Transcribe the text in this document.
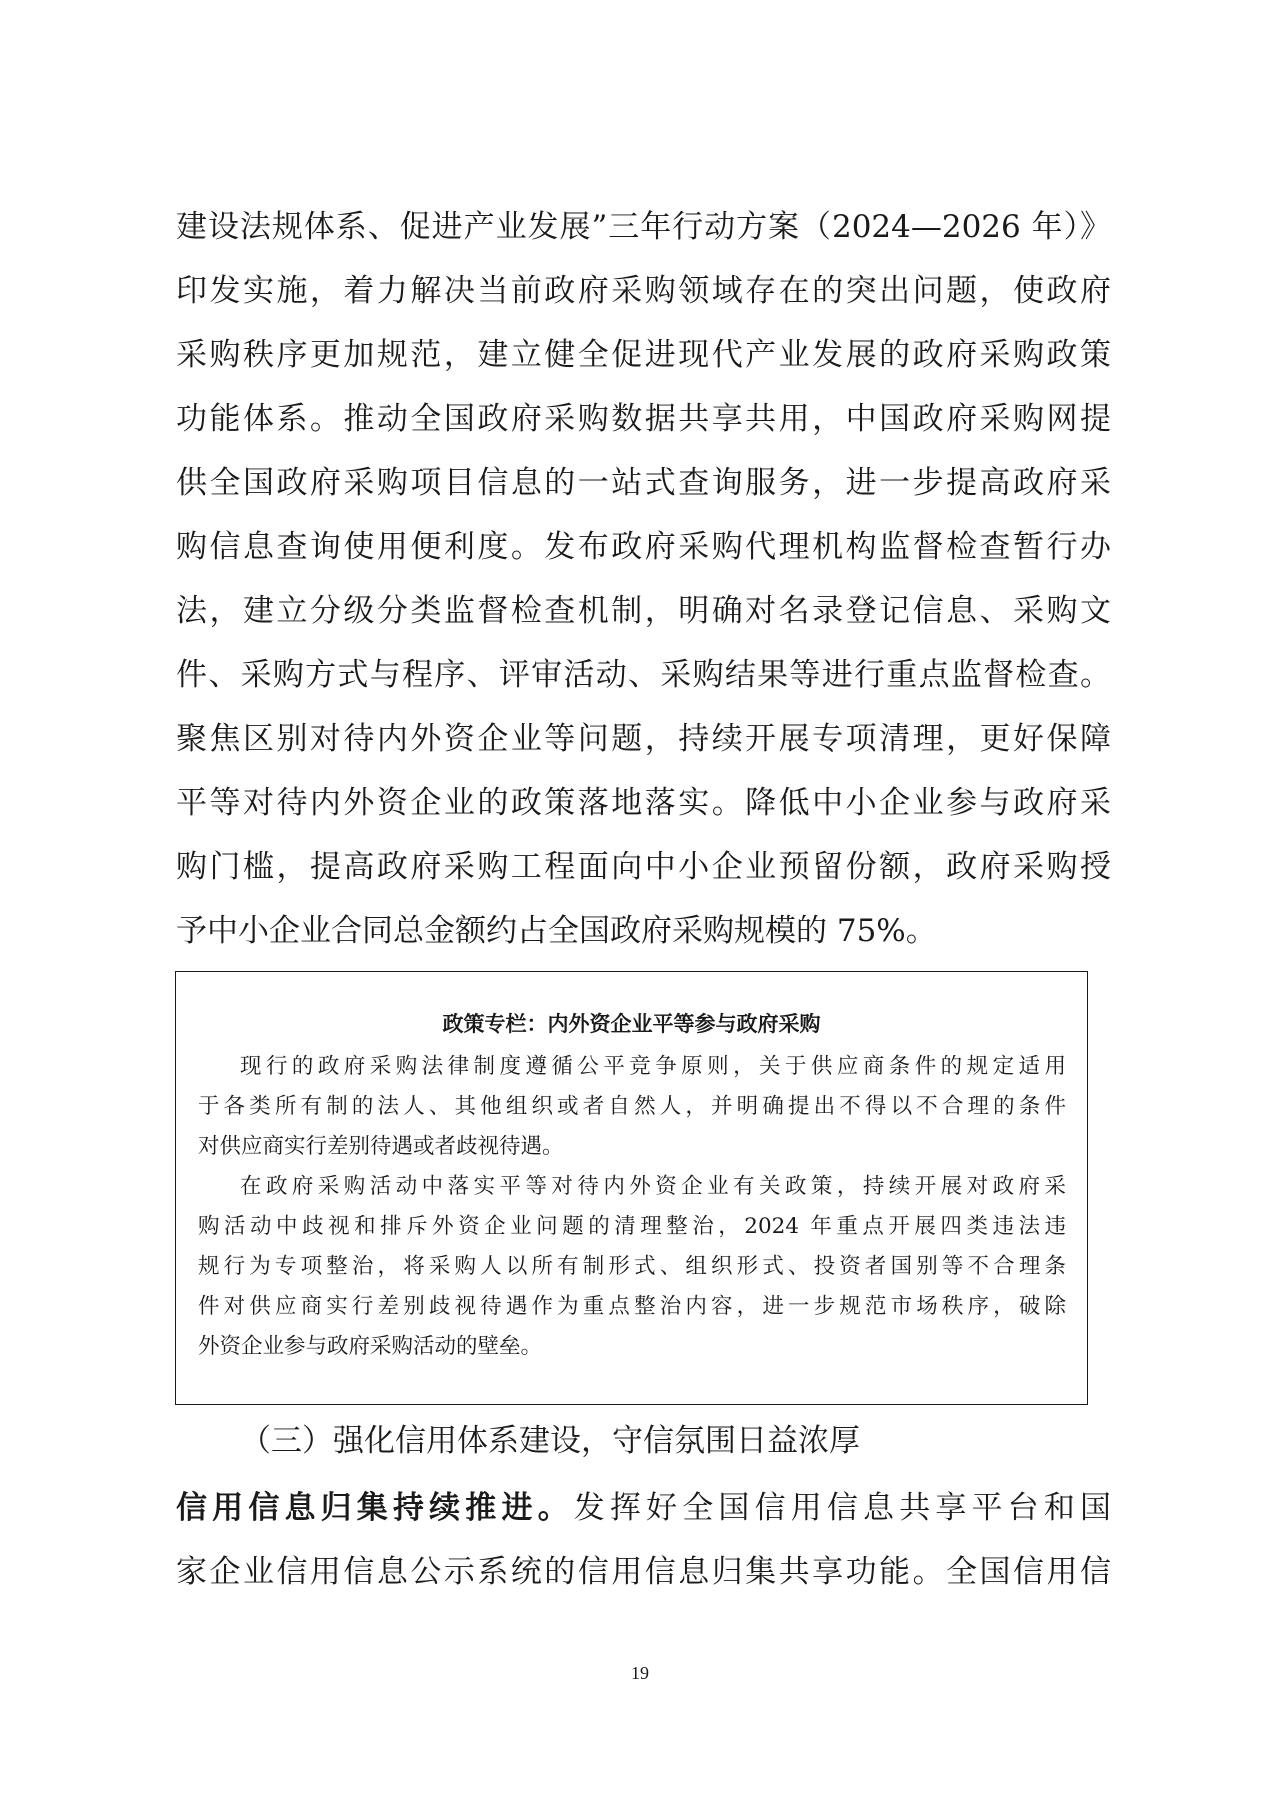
建设法规体系、促进产业发展”三年行动方案（2024—2026 年）》
印发实施，着力解决当前政府采购领域存在的突出问题，使政府
采购秩序更加规范，建立健全促进现代产业发展的政府采购政策
功能体系。推动全国政府采购数据共享共用，中国政府采购网提
供全国政府采购项目信息的一站式查询服务，进一步提高政府采
购信息查询使用便利度。发布政府采购代理机构监督检查暂行办
法，建立分级分类监督检查机制，明确对名录登记信息、采购文
件、采购方式与程序、评审活动、采购结果等进行重点监督检查。
聚焦区别对待内外资企业等问题，持续开展专项清理，更好保障
平等对待内外资企业的政策落地落实。降低中小企业参与政府采
购门槛，提高政府采购工程面向中小企业预留份额，政府采购授
予中小企业合同总金额约占全国政府采购规模的 75%。
政策专栏：内外资企业平等参与政府采购
现行的政府采购法律制度遵循公平竞争原则，关于供应商条件的规定适用
于各类所有制的法人、其他组织或者自然人，并明确提出不得以不合理的条件
对供应商实行差别待遇或者歧视待遇。
在政府采购活动中落实平等对待内外资企业有关政策，持续开展对政府采
购活动中歧视和排斥外资企业问题的清理整治，2024 年重点开展四类违法违
规行为专项整治，将采购人以所有制形式、组织形式、投资者国别等不合理条
件对供应商实行差别歧视待遇作为重点整治内容，进一步规范市场秩序，破除
外资企业参与政府采购活动的壁垒。
（三）强化信用体系建设，守信氛围日益浓厚
信用信息归集持续推进。发挥好全国信用信息共享平台和国
家企业信用信息公示系统的信用信息归集共享功能。全国信用信
19
